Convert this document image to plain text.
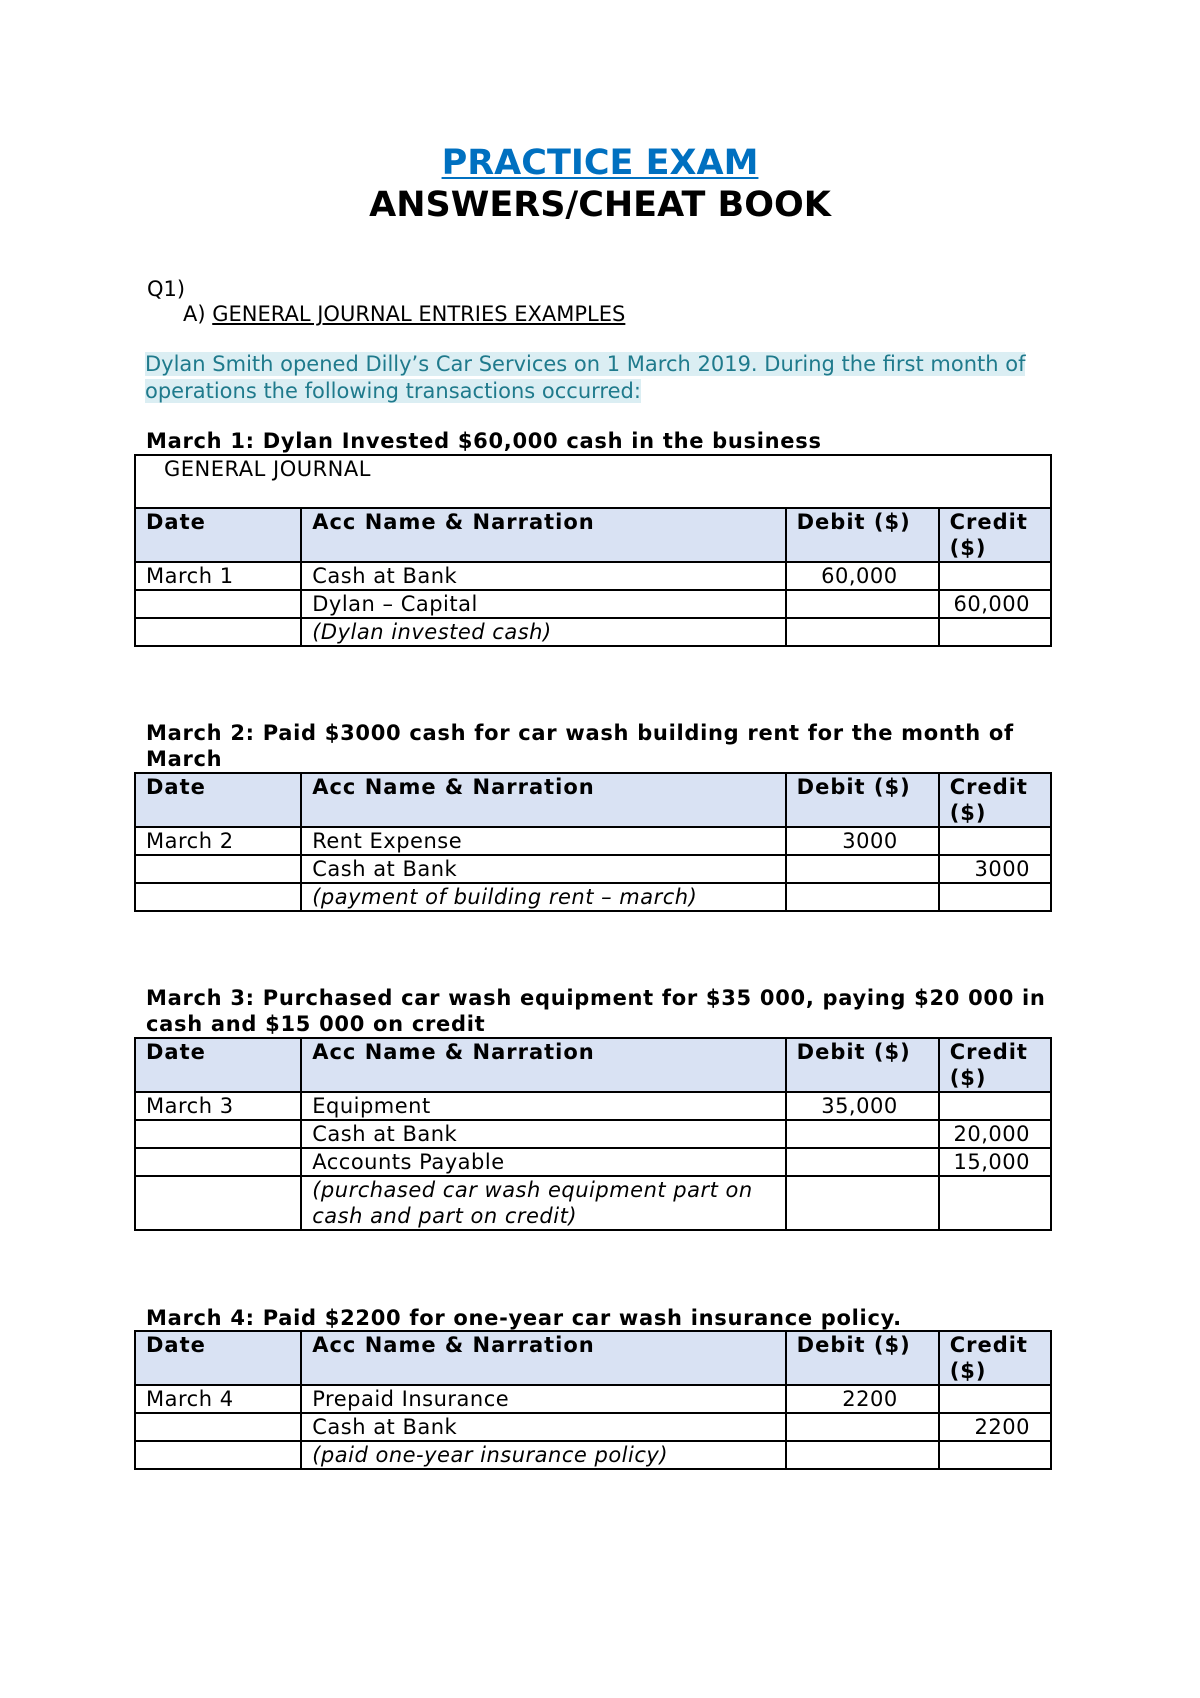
PRACTICE EXAM
ANSWERS/CHEAT BOOK
Q1)
A) GENERAL JOURNAL ENTRIES EXAMPLES
Dylan Smith opened Dilly’s Car Services on 1 March 2019. During the first month of operations the following transactions occurred:
March 1: Dylan Invested $60,000 cash in the business
GENERAL JOURNAL			
Date	Acc Name & Narration	Debit ($)	Credit ($)
March 1	Cash at Bank	60,000	
	Dylan – Capital		60,000
	(Dylan invested cash)		
March 2: Paid $3000 cash for car wash building rent for the month of March
Date	Acc Name & Narration	Debit ($)	Credit ($)
March 2	Rent Expense	3000	
	Cash at Bank		3000
	(payment of building rent – march)		
March 3: Purchased car wash equipment for $35 000, paying $20 000 in cash and $15 000 on credit
Date	Acc Name & Narration	Debit ($)	Credit ($)
March 3	Equipment	35,000	
	Cash at Bank		20,000
	Accounts Payable		15,000
	(purchased car wash equipment part on cash and part on credit)		
March 4: Paid $2200 for one-year car wash insurance policy.
Date	Acc Name & Narration	Debit ($)	Credit ($)
March 4	Prepaid Insurance	2200	
	Cash at Bank		2200
	(paid one-year insurance policy)		
